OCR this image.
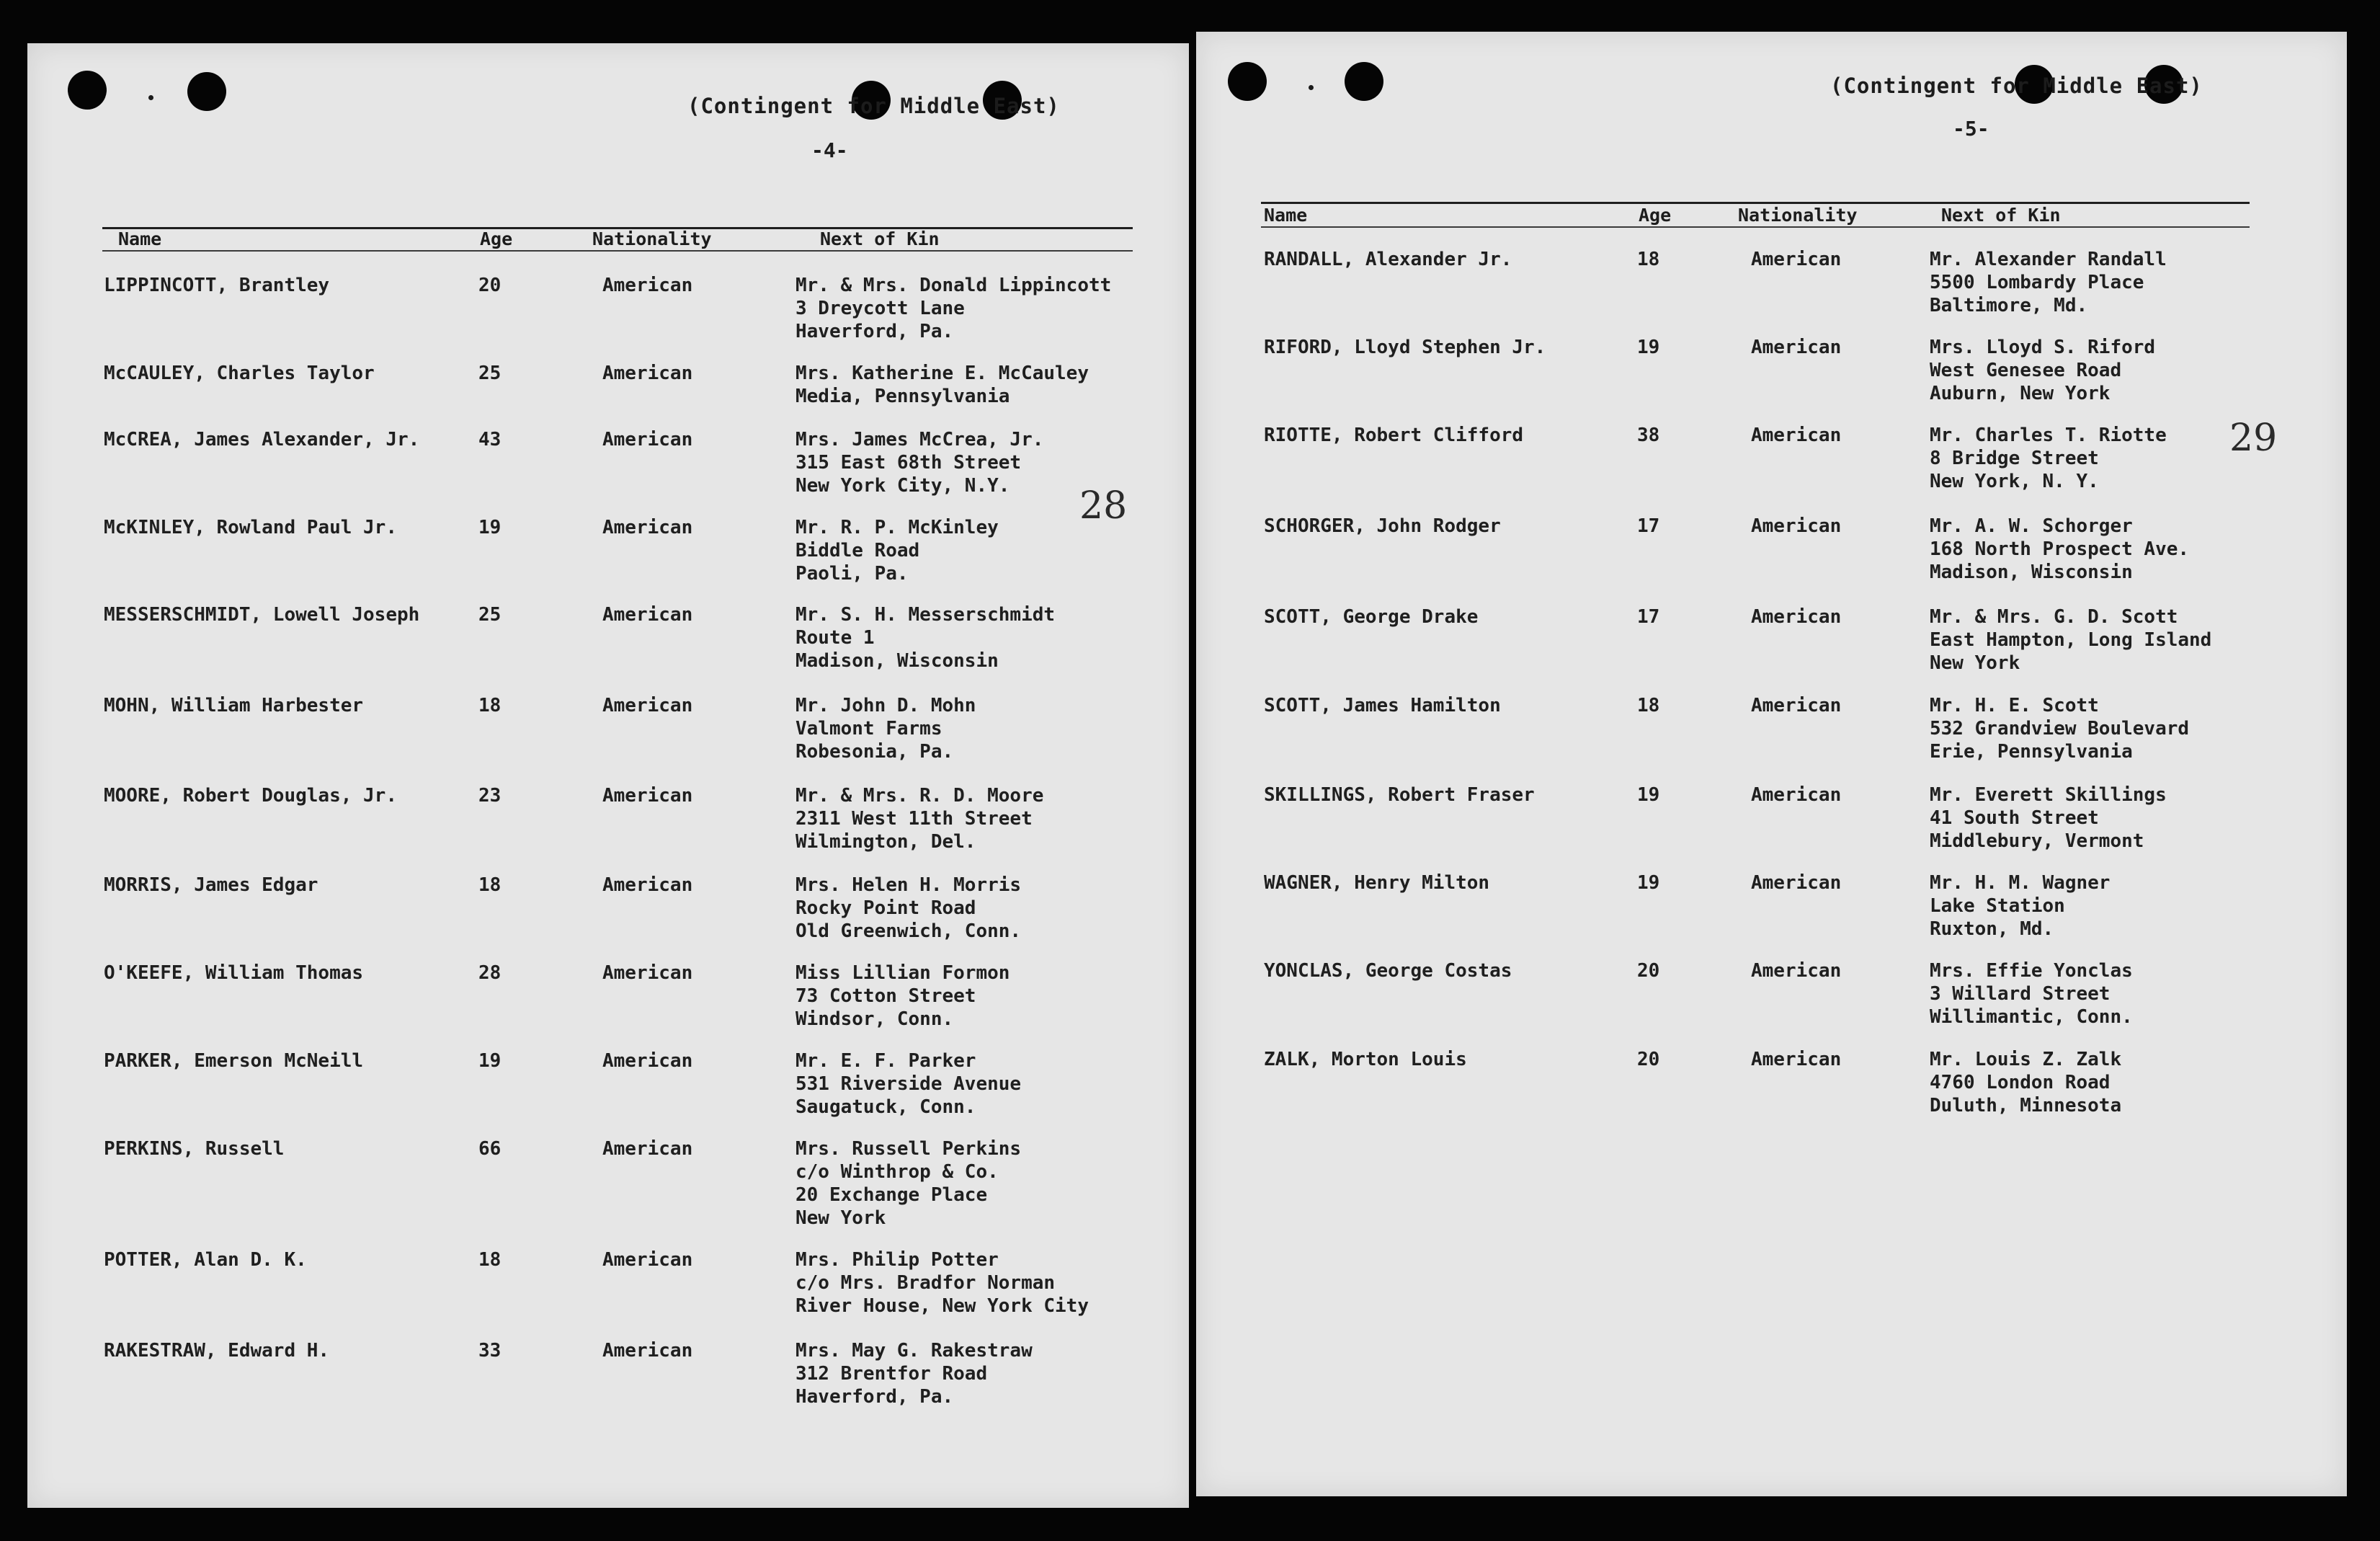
(Contingent for Middle East)
-4-
28
Name	Age	Nationality	Next of Kin
LIPPINCOTT, Brantley	20	American	Mr. & Mrs. Donald Lippincott
3 Dreycott Lane
Haverford, Pa.
McCAULEY, Charles Taylor	25	American	Mrs. Katherine E. McCauley
Media, Pennsylvania
McCREA, James Alexander, Jr.	43	American	Mrs. James McCrea, Jr.
315 East 68th Street
New York City, N.Y.
McKINLEY, Rowland Paul Jr.	19	American	Mr. R. P. McKinley
Biddle Road
Paoli, Pa.
MESSERSCHMIDT, Lowell Joseph	25	American	Mr. S. H. Messerschmidt
Route 1
Madison, Wisconsin
MOHN, William Harbester	18	American	Mr. John D. Mohn
Valmont Farms
Robesonia, Pa.
MOORE, Robert Douglas, Jr.	23	American	Mr. & Mrs. R. D. Moore
2311 West 11th Street
Wilmington, Del.
MORRIS, James Edgar	18	American	Mrs. Helen H. Morris
Rocky Point Road
Old Greenwich, Conn.
O'KEEFE, William Thomas	28	American	Miss Lillian Formon
73 Cotton Street
Windsor, Conn.
PARKER, Emerson McNeill	19	American	Mr. E. F. Parker
531 Riverside Avenue
Saugatuck, Conn.
PERKINS, Russell	66	American	Mrs. Russell Perkins
c/o Winthrop & Co.
20 Exchange Place
New York
POTTER, Alan D. K.	18	American	Mrs. Philip Potter
c/o Mrs. Bradfor Norman
River House, New York City
RAKESTRAW, Edward H.	33	American	Mrs. May G. Rakestraw
312 Brentfor Road
Haverford, Pa.
(Contingent for Middle East)
-5-
29
Name	Age	Nationality	Next of Kin
RANDALL, Alexander Jr.	18	American	Mr. Alexander Randall
5500 Lombardy Place
Baltimore, Md.
RIFORD, Lloyd Stephen Jr.	19	American	Mrs. Lloyd S. Riford
West Genesee Road
Auburn, New York
RIOTTE, Robert Clifford	38	American	Mr. Charles T. Riotte
8 Bridge Street
New York, N. Y.
SCHORGER, John Rodger	17	American	Mr. A. W. Schorger
168 North Prospect Ave.
Madison, Wisconsin
SCOTT, George Drake	17	American	Mr. & Mrs. G. D. Scott
East Hampton, Long Island
New York
SCOTT, James Hamilton	18	American	Mr. H. E. Scott
532 Grandview Boulevard
Erie, Pennsylvania
SKILLINGS, Robert Fraser	19	American	Mr. Everett Skillings
41 South Street
Middlebury, Vermont
WAGNER, Henry Milton	19	American	Mr. H. M. Wagner
Lake Station
Ruxton, Md.
YONCLAS, George Costas	20	American	Mrs. Effie Yonclas
3 Willard Street
Willimantic, Conn.
ZALK, Morton Louis	20	American	Mr. Louis Z. Zalk
4760 London Road
Duluth, Minnesota
